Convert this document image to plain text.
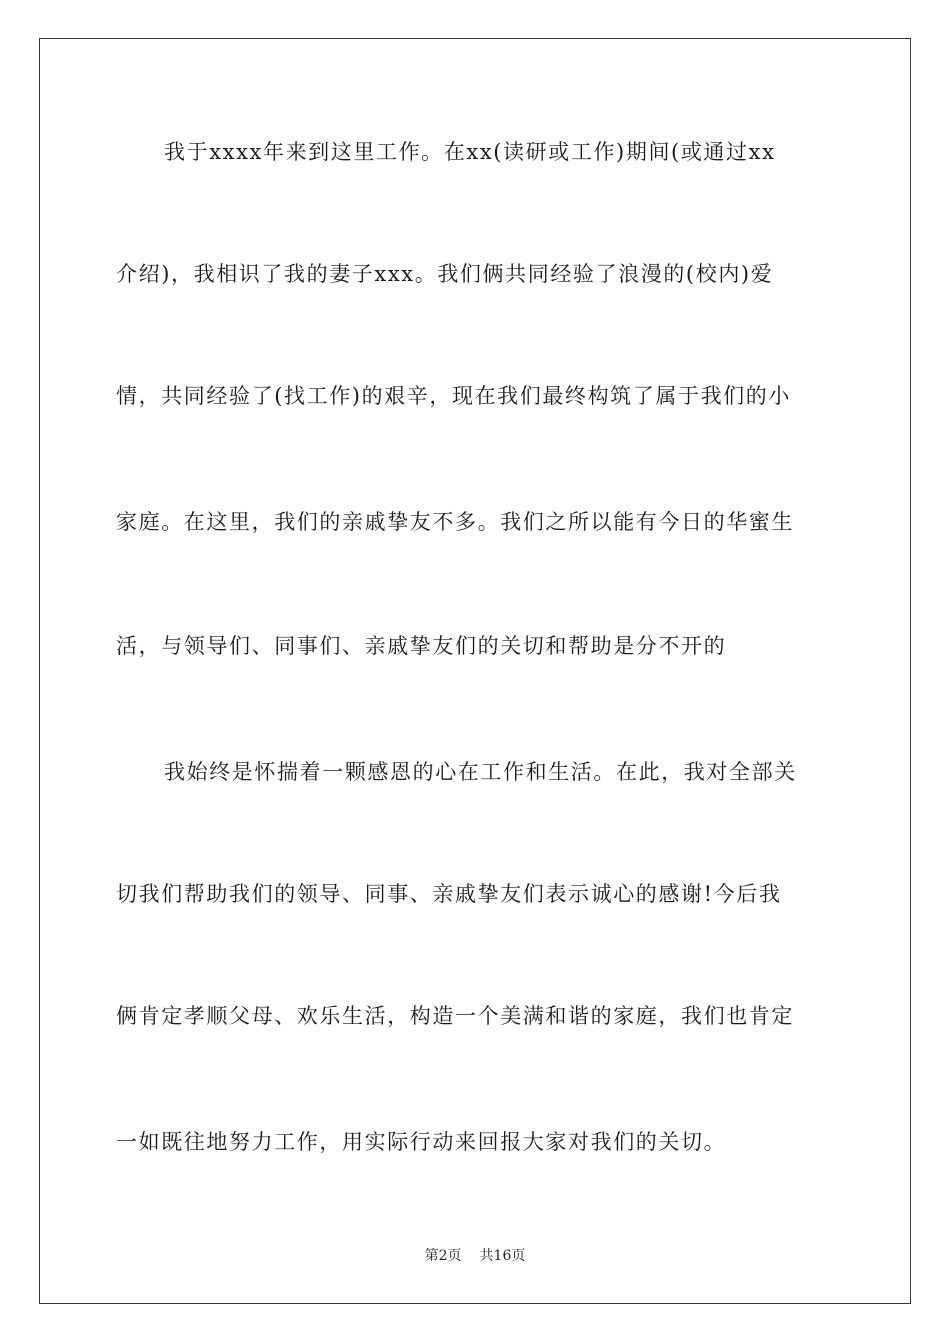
我于xxxx年来到这里工作。在xx(读研或工作)期间(或通过xx
介绍)，我相识了我的妻子xxx。我们俩共同经验了浪漫的(校内)爱
情，共同经验了(找工作)的艰辛，现在我们最终构筑了属于我们的小
家庭。在这里，我们的亲戚挚友不多。我们之所以能有今日的华蜜生
活，与领导们、同事们、亲戚挚友们的关切和帮助是分不开的
我始终是怀揣着一颗感恩的心在工作和生活。在此，我对全部关
切我们帮助我们的领导、同事、亲戚挚友们表示诚心的感谢!今后我
俩肯定孝顺父母、欢乐生活，构造一个美满和谐的家庭，我们也肯定
一如既往地努力工作，用实际行动来回报大家对我们的关切。
第2页 共16页
